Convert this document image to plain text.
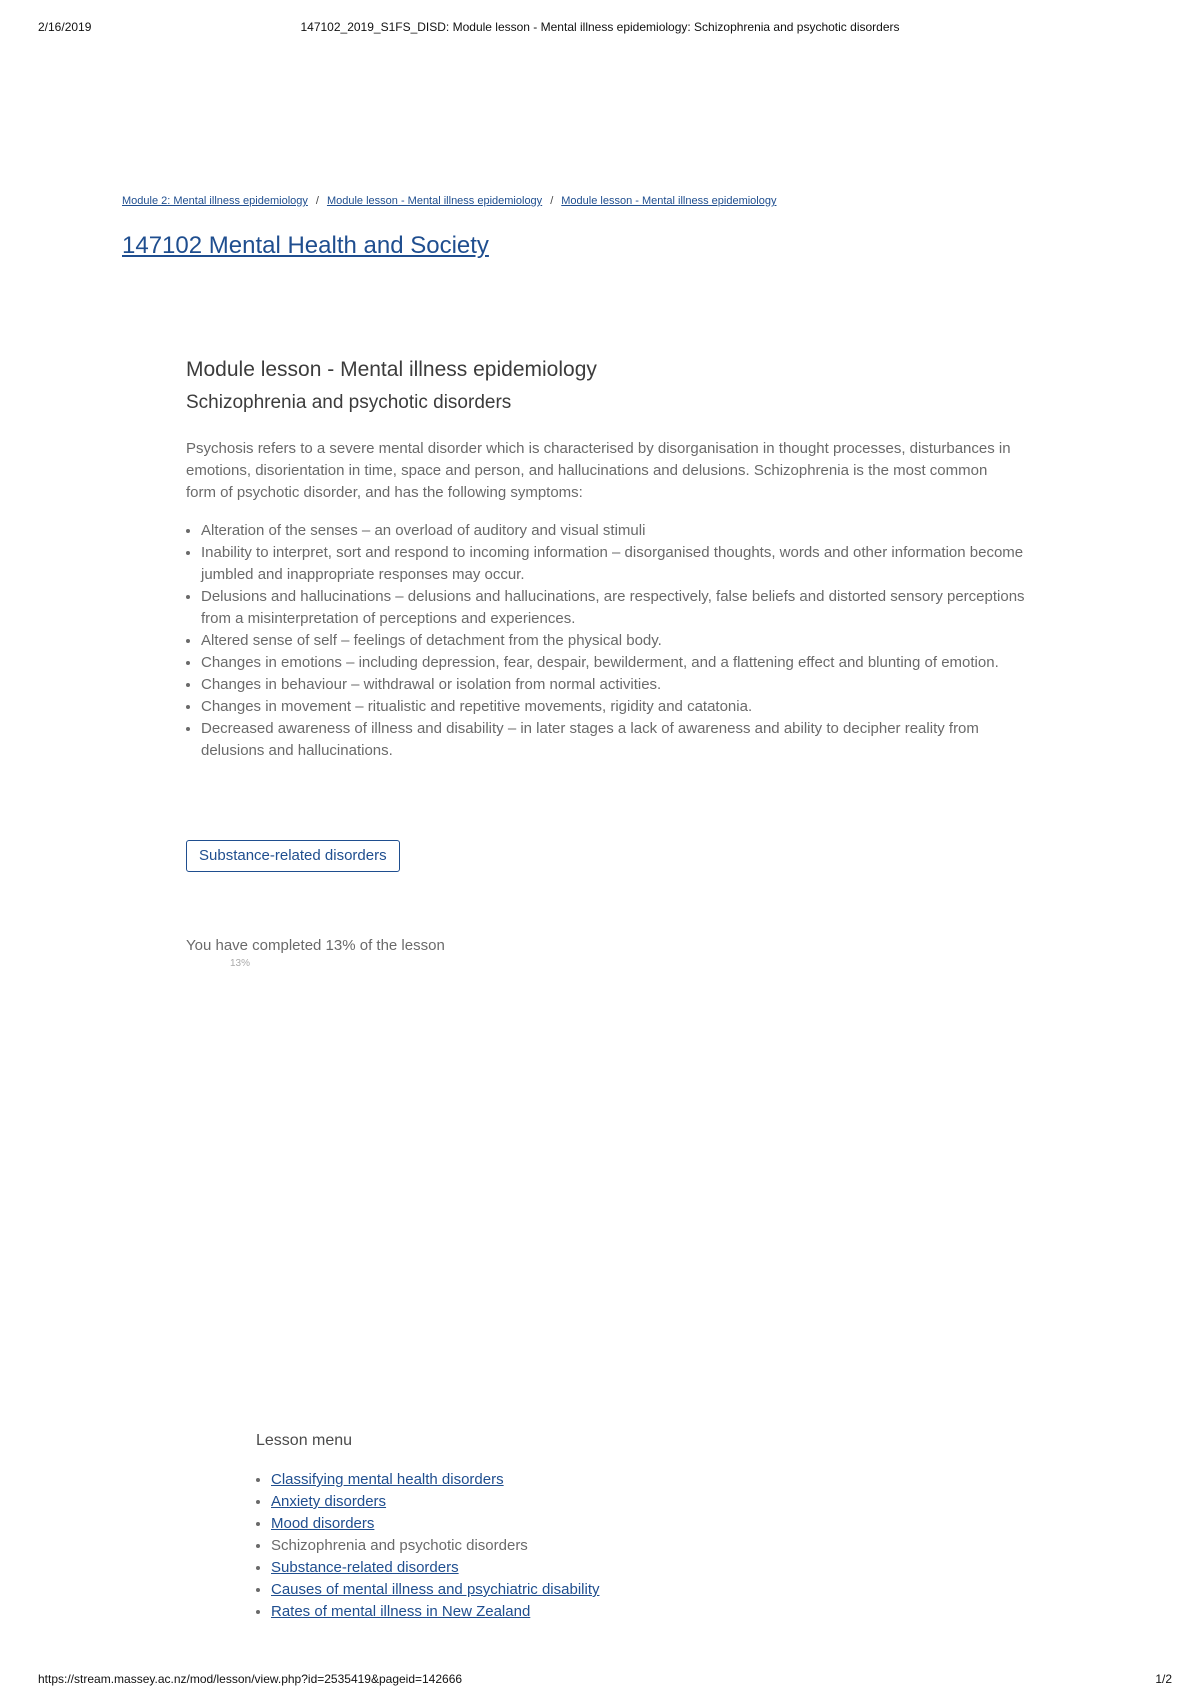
2/16/2019	147102_2019_S1FS_DISD: Module lesson - Mental illness epidemiology: Schizophrenia and psychotic disorders
Module 2: Mental illness epidemiology / Module lesson - Mental illness epidemiology / Module lesson - Mental illness epidemiology
147102 Mental Health and Society
Module lesson - Mental illness epidemiology
Schizophrenia and psychotic disorders
Psychosis refers to a severe mental disorder which is characterised by disorganisation in thought processes, disturbances in emotions, disorientation in time, space and person, and hallucinations and delusions. Schizophrenia is the most common form of psychotic disorder, and has the following symptoms:
• Alteration of the senses – an overload of auditory and visual stimuli
• Inability to interpret, sort and respond to incoming information – disorganised thoughts, words and other information become jumbled and inappropriate responses may occur.
• Delusions and hallucinations – delusions and hallucinations, are respectively, false beliefs and distorted sensory perceptions from a misinterpretation of perceptions and experiences.
• Altered sense of self – feelings of detachment from the physical body.
• Changes in emotions – including depression, fear, despair, bewilderment, and a flattening effect and blunting of emotion.
• Changes in behaviour – withdrawal or isolation from normal activities.
• Changes in movement – ritualistic and repetitive movements, rigidity and catatonia.
• Decreased awareness of illness and disability – in later stages a lack of awareness and ability to decipher reality from delusions and hallucinations.
Substance-related disorders
You have completed 13% of the lesson
13%
Lesson menu
• Classifying mental health disorders
• Anxiety disorders
• Mood disorders
• Schizophrenia and psychotic disorders
• Substance-related disorders
• Causes of mental illness and psychiatric disability
• Rates of mental illness in New Zealand
https://stream.massey.ac.nz/mod/lesson/view.php?id=2535419&pageid=142666	1/2
